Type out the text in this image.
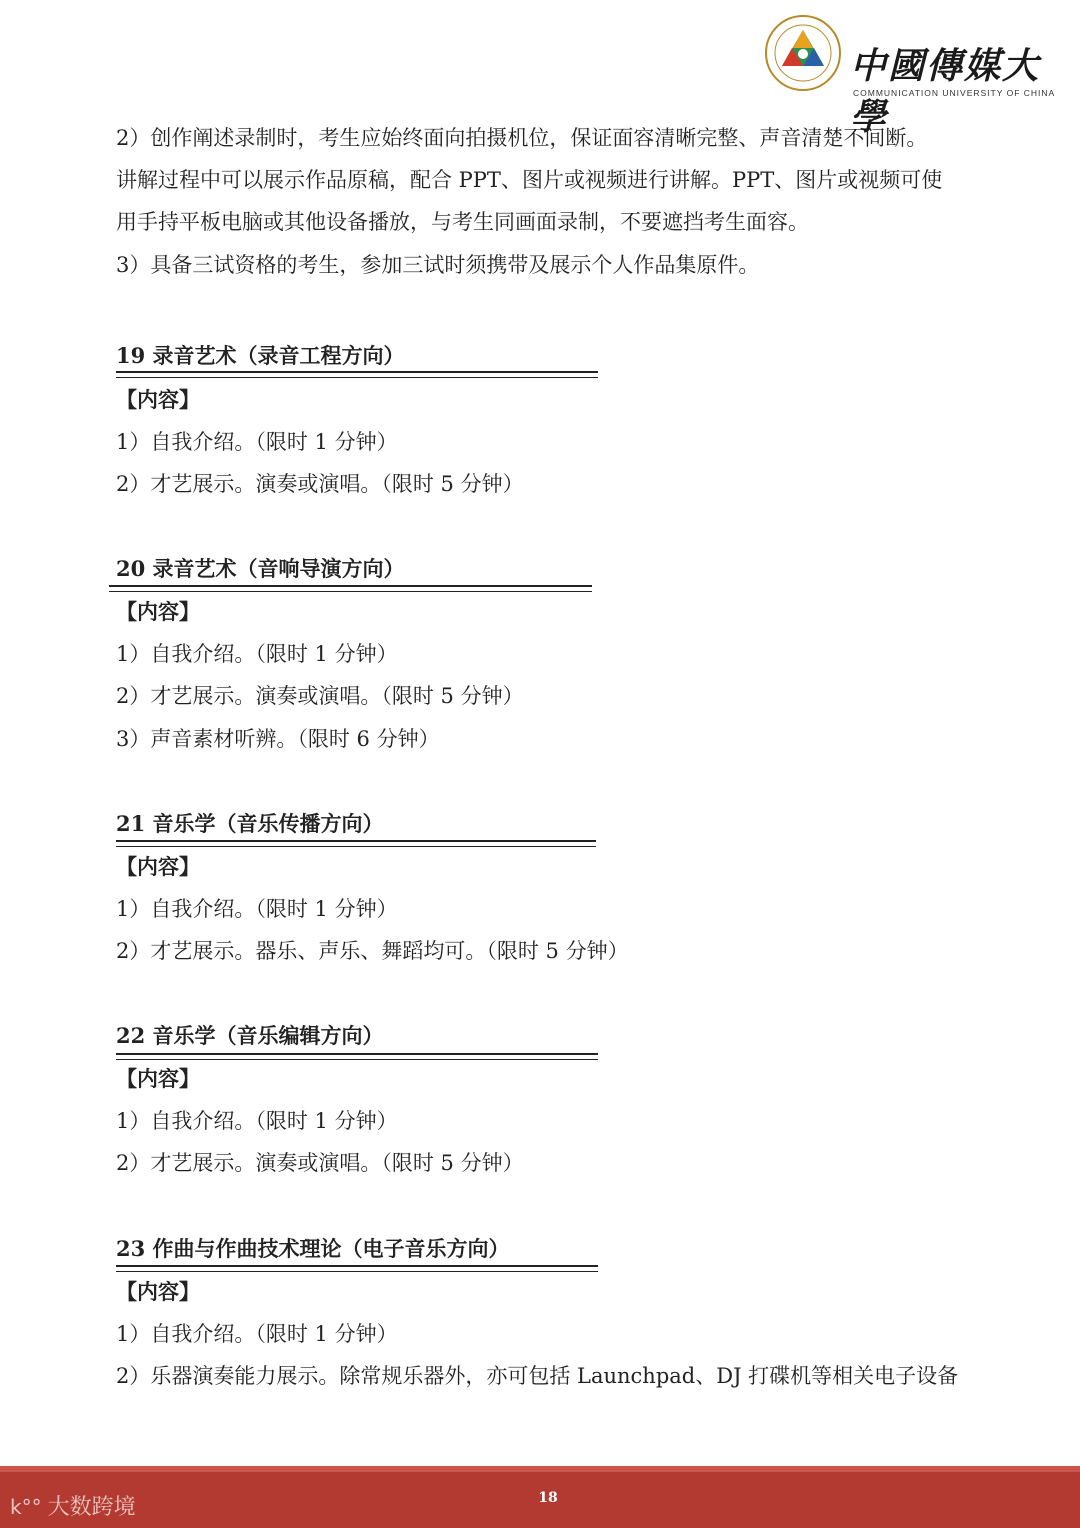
中國傳媒大學
COMMUNICATION UNIVERSITY OF CHINA
2）创作阐述录制时，考生应始终面向拍摄机位，保证面容清晰完整、声音清楚不间断。
讲解过程中可以展示作品原稿，配合 PPT、图片或视频进行讲解。PPT、图片或视频可使
用手持平板电脑或其他设备播放，与考生同画面录制，不要遮挡考生面容。
3）具备三试资格的考生，参加三试时须携带及展示个人作品集原件。
19 录音艺术（录音工程方向）
【内容】
1）自我介绍。（限时 1 分钟）
2）才艺展示。演奏或演唱。（限时 5 分钟）
20 录音艺术（音响导演方向）
【内容】
1）自我介绍。（限时 1 分钟）
2）才艺展示。演奏或演唱。（限时 5 分钟）
3）声音素材听辨。（限时 6 分钟）
21 音乐学（音乐传播方向）
【内容】
1）自我介绍。（限时 1 分钟）
2）才艺展示。器乐、声乐、舞蹈均可。（限时 5 分钟）
22 音乐学（音乐编辑方向）
【内容】
1）自我介绍。（限时 1 分钟）
2）才艺展示。演奏或演唱。（限时 5 分钟）
23 作曲与作曲技术理论（电子音乐方向）
【内容】
1）自我介绍。（限时 1 分钟）
2）乐器演奏能力展示。除常规乐器外，亦可包括 Launchpad、DJ 打碟机等相关电子设备
k°° 大数跨境	18
